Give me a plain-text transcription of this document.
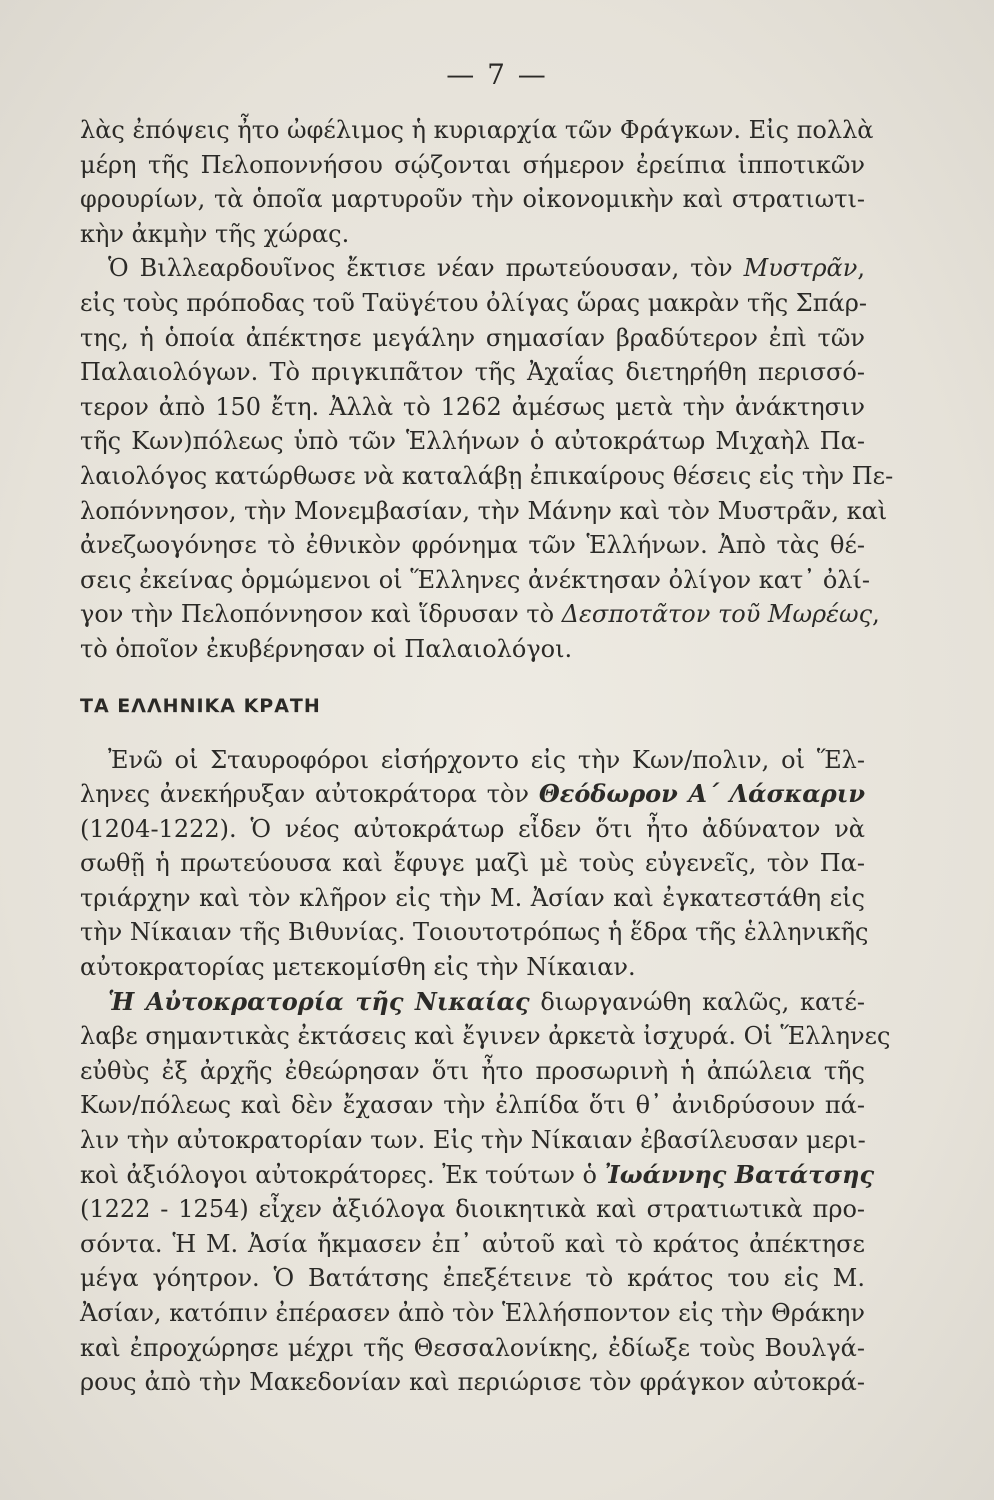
— 7 —
λὰς ἐπόψεις ἦτο ὠφέλιμος ἡ κυριαρχία τῶν Φράγκων. Εἰς πολλὰ
μέρη τῆς Πελοποννήσου σῴζονται σήμερον ἐρείπια ἱπποτικῶν
φρουρίων, τὰ ὁποῖα μαρτυροῦν τὴν οἰκονομικὴν καὶ στρατιωτι-
κὴν ἀκμὴν τῆς χώρας.
Ὁ Βιλλεαρδουῖνος ἔκτισε νέαν πρωτεύουσαν, τὸν Μυστρᾶν,
εἰς τοὺς πρόποδας τοῦ Ταϋγέτου ὀλίγας ὥρας μακρὰν τῆς Σπάρ-
της, ἡ ὁποία ἀπέκτησε μεγάλην σημασίαν βραδύτερον ἐπὶ τῶν
Παλαιολόγων. Τὸ πριγκιπᾶτον τῆς Ἀχαΐας διετηρήθη περισσό-
τερον ἀπὸ 150 ἔτη. Ἀλλὰ τὸ 1262 ἀμέσως μετὰ τὴν ἀνάκτησιν
τῆς Κων)πόλεως ὑπὸ τῶν Ἑλλήνων ὁ αὐτοκράτωρ Μιχαὴλ Πα-
λαιολόγος κατώρθωσε νὰ καταλάβῃ ἐπικαίρους θέσεις εἰς τὴν Πε-
λοπόννησον, τὴν Μονεμβασίαν, τὴν Μάνην καὶ τὸν Μυστρᾶν, καὶ
ἀνεζωογόνησε τὸ ἐθνικὸν φρόνημα τῶν Ἑλλήνων. Ἀπὸ τὰς θέ-
σεις ἐκείνας ὁρμώμενοι οἱ Ἕλληνες ἀνέκτησαν ὀλίγον κατ᾽ ὀλί-
γον τὴν Πελοπόννησον καὶ ἵδρυσαν τὸ Δεσποτᾶτον τοῦ Μωρέως,
τὸ ὁποῖον ἐκυβέρνησαν οἱ Παλαιολόγοι.
ΤΑ ΕΛΛΗΝΙΚΑ ΚΡΑΤΗ
Ἐνῶ οἱ Σταυροφόροι εἰσήρχοντο εἰς τὴν Κων/πολιν, οἱ Ἕλ-
ληνες ἀνεκήρυξαν αὐτοκράτορα τὸν Θεόδωρον Α΄ Λάσκαριν
(1204-1222). Ὁ νέος αὐτοκράτωρ εἶδεν ὅτι ἦτο ἀδύνατον νὰ
σωθῇ ἡ πρωτεύουσα καὶ ἔφυγε μαζὶ μὲ τοὺς εὐγενεῖς, τὸν Πα-
τριάρχην καὶ τὸν κλῆρον εἰς τὴν Μ. Ἀσίαν καὶ ἐγκατεστάθη εἰς
τὴν Νίκαιαν τῆς Βιθυνίας. Τοιουτοτρόπως ἡ ἕδρα τῆς ἑλληνικῆς
αὐτοκρατορίας μετεκομίσθη εἰς τὴν Νίκαιαν.
Ἡ Αὐτοκρατορία τῆς Νικαίας διωργανώθη καλῶς, κατέ-
λαβε σημαντικὰς ἐκτάσεις καὶ ἔγινεν ἀρκετὰ ἰσχυρά. Οἱ Ἕλληνες
εὐθὺς ἐξ ἀρχῆς ἐθεώρησαν ὅτι ἦτο προσωρινὴ ἡ ἀπώλεια τῆς
Κων/πόλεως καὶ δὲν ἔχασαν τὴν ἐλπίδα ὅτι θ᾽ ἀνιδρύσουν πά-
λιν τὴν αὐτοκρατορίαν των. Εἰς τὴν Νίκαιαν ἐβασίλευσαν μερι-
κοὶ ἀξιόλογοι αὐτοκράτορες. Ἐκ τούτων ὁ Ἰωάννης Βατάτσης
(1222 - 1254) εἶχεν ἀξιόλογα διοικητικὰ καὶ στρατιωτικὰ προ-
σόντα. Ἡ Μ. Ἀσία ἤκμασεν ἐπ᾽ αὐτοῦ καὶ τὸ κράτος ἀπέκτησε
μέγα γόητρον. Ὁ Βατάτσης ἐπεξέτεινε τὸ κράτος του εἰς Μ.
Ἀσίαν, κατόπιν ἐπέρασεν ἀπὸ τὸν Ἑλλήσποντον εἰς τὴν Θράκην
καὶ ἐπροχώρησε μέχρι τῆς Θεσσαλονίκης, ἐδίωξε τοὺς Βουλγά-
ρους ἀπὸ τὴν Μακεδονίαν καὶ περιώρισε τὸν φράγκον αὐτοκρά-
